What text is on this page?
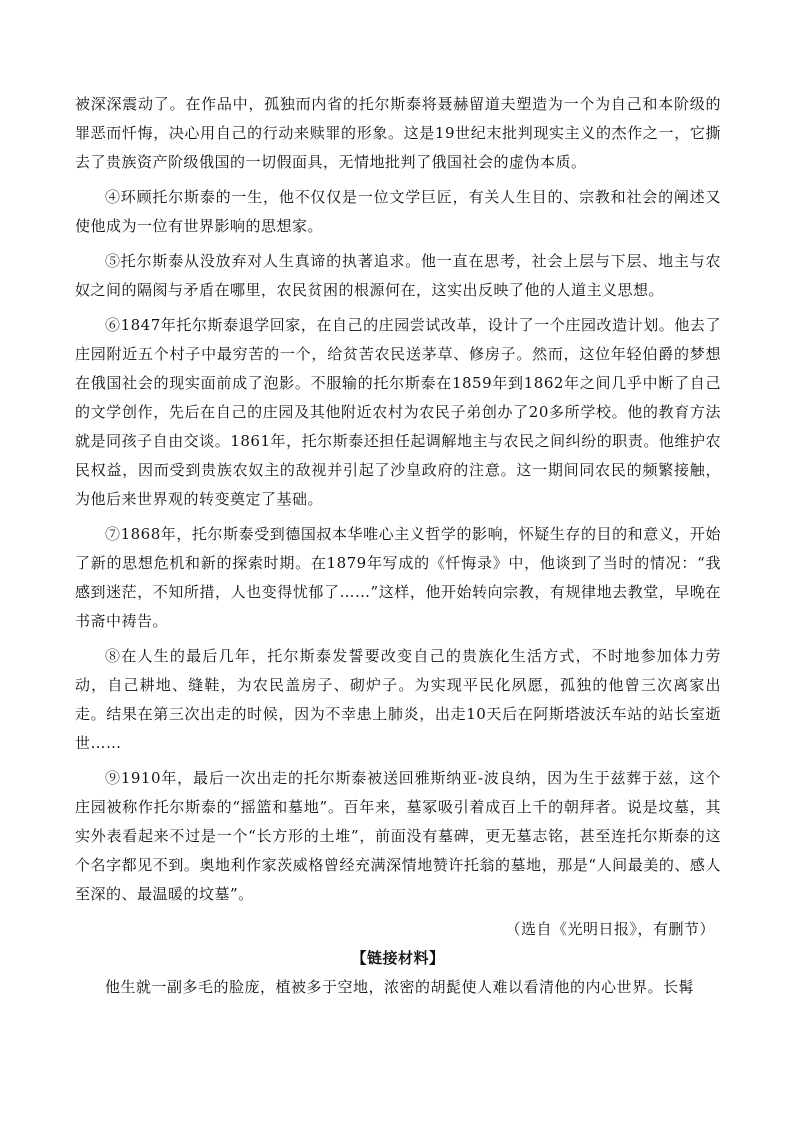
被深深震动了。在作品中，孤独而内省的托尔斯泰将聂赫留道夫塑造为一个为自己和本阶级的罪恶而忏悔，决心用自己的行动来赎罪的形象。这是19世纪末批判现实主义的杰作之一，它撕去了贵族资产阶级俄国的一切假面具，无情地批判了俄国社会的虚伪本质。

④环顾托尔斯泰的一生，他不仅仅是一位文学巨匠，有关人生目的、宗教和社会的阐述又使他成为一位有世界影响的思想家。

⑤托尔斯泰从没放弃对人生真谛的执著追求。他一直在思考，社会上层与下层、地主与农奴之间的隔阂与矛盾在哪里，农民贫困的根源何在，这实出反映了他的人道主义思想。

⑥1847年托尔斯泰退学回家，在自己的庄园尝试改革，设计了一个庄园改造计划。他去了庄园附近五个村子中最穷苦的一个，给贫苦农民送茅草、修房子。然而，这位年轻伯爵的梦想在俄国社会的现实面前成了泡影。不服输的托尔斯泰在1859年到1862年之间几乎中断了自己的文学创作，先后在自己的庄园及其他附近农村为农民子弟创办了20多所学校。他的教育方法就是同孩子自由交谈。1861年，托尔斯泰还担任起调解地主与农民之间纠纷的职责。他维护农民权益，因而受到贵族农奴主的敌视并引起了沙皇政府的注意。这一期间同农民的频繁接触，为他后来世界观的转变奠定了基础。

⑦1868年，托尔斯泰受到德国叔本华唯心主义哲学的影响，怀疑生存的目的和意义，开始了新的思想危机和新的探索时期。在1879年写成的《忏悔录》中，他谈到了当时的情况：“我感到迷茫，不知所措，人也变得忧郁了……”这样，他开始转向宗教，有规律地去教堂，早晚在书斋中祷告。

⑧在人生的最后几年，托尔斯泰发誓要改变自己的贵族化生活方式，不时地参加体力劳动，自己耕地、缝鞋，为农民盖房子、砌炉子。为实现平民化夙愿，孤独的他曾三次离家出走。结果在第三次出走的时候，因为不幸患上肺炎，出走10天后在阿斯塔波沃车站的站长室逝世……

⑨1910年，最后一次出走的托尔斯泰被送回雅斯纳亚-波良纳，因为生于兹葬于兹，这个庄园被称作托尔斯泰的“摇篮和墓地”。百年来，墓冢吸引着成百上千的朝拜者。说是坟墓，其实外表看起来不过是一个“长方形的土堆”，前面没有墓碑，更无墓志铭，甚至连托尔斯泰的这个名字都见不到。奥地利作家茨威格曾经充满深情地赞许托翁的墓地，那是“人间最美的、感人至深的、最温暖的坟墓”。

（选自《光明日报》，有删节）

【链接材料】

他生就一副多毛的脸庞，植被多于空地，浓密的胡髭使人难以看清他的内心世界。长髯
